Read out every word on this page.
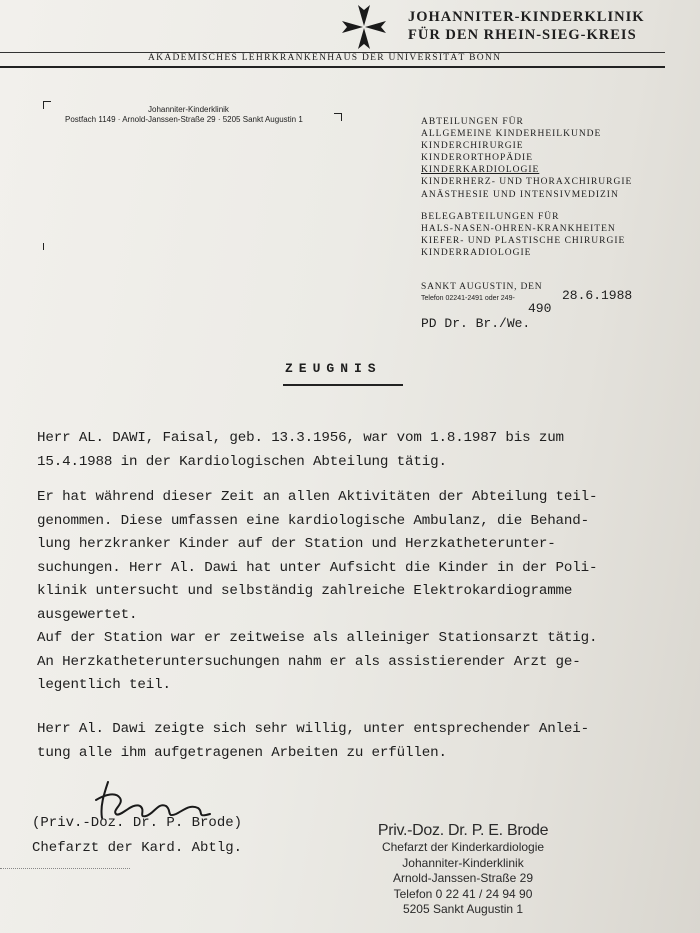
JOHANNITER-KINDERKLINIK
FÜR DEN RHEIN-SIEG-KREIS
AKADEMISCHES LEHRKRANKENHAUS DER UNIVERSITÄT BONN
Johanniter-Kinderklinik
Postfach 1149 · Arnold-Janssen-Straße 29 · 5205 Sankt Augustin 1	ABTEILUNGEN FÜR
ALLGEMEINE KINDERHEILKUNDE
KINDERCHIRURGIE
KINDERORTHOPÄDIE
KINDERKARDIOLOGIE
KINDERHERZ- UND THORAXCHIRURGIE
ANÄSTHESIE UND INTENSIVMEDIZIN
BELEGABTEILUNGEN FÜR
HALS-NASEN-OHREN-KRANKHEITEN
KIEFER- UND PLASTISCHE CHIRURGIE
KINDERRADIOLOGIE
SANKT AUGUSTIN, DEN
28.6.1988
Telefon 02241-2491 oder 249-
490
PD Dr. Br./We.
ZEUGNIS
Herr AL. DAWI, Faisal, geb. 13.3.1956, war vom 1.8.1987 bis zum
15.4.1988 in der Kardiologischen Abteilung tätig.
Er hat während dieser Zeit an allen Aktivitäten der Abteilung teil-
genommen. Diese umfassen eine kardiologische Ambulanz, die Behand-
lung herzkranker Kinder auf der Station und Herzkatheterunter-
suchungen. Herr Al. Dawi hat unter Aufsicht die Kinder in der Poli-
klinik untersucht und selbständig zahlreiche Elektrokardiogramme
ausgewertet.
Auf der Station war er zeitweise als alleiniger Stationsarzt tätig.
An Herzkatheteruntersuchungen nahm er als assistierender Arzt ge-
legentlich teil.
Herr Al. Dawi zeigte sich sehr willig, unter entsprechender Anlei-
tung alle ihm aufgetragenen Arbeiten zu erfüllen.
(Priv.-Doz. Dr. P. Brode)
Chefarzt der Kard. Abtlg.
Priv.-Doz. Dr. P. E. Brode
Chefarzt der Kinderkardiologie
Johanniter-Kinderklinik
Arnold-Janssen-Straße 29
Telefon 0 22 41 / 24 94 90
5205 Sankt Augustin 1
